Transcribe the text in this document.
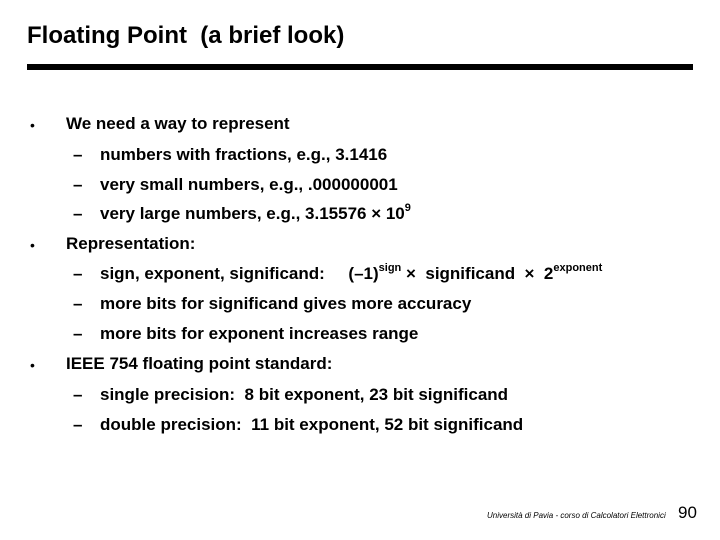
Floating Point  (a brief look)
• We need a way to represent
– numbers with fractions, e.g., 3.1416
– very small numbers, e.g., .000000001
– very large numbers, e.g., $3.15576 \times 10^9$
• Representation:
– sign, exponent, significand:     $(-1)^{sign}$ ×  significand  ×  $2^{exponent}$
– more bits for significand gives more accuracy
– more bits for exponent increases range
• IEEE 754 floating point standard:
– single precision:  8 bit exponent, 23 bit significand
– double precision:  11 bit exponent, 52 bit significand
Università di Pavia - corso di Calcolatori Elettronici 90
